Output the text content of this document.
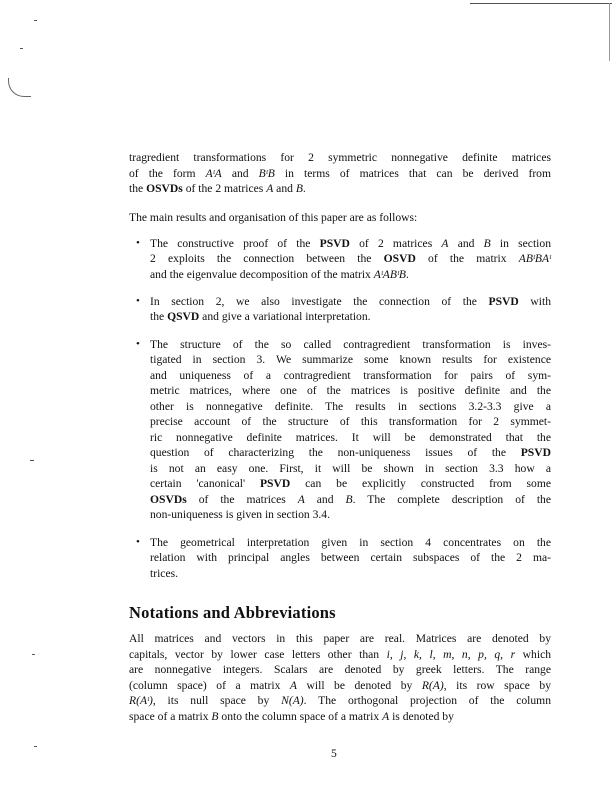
tragredient transformations for 2 symmetric nonnegative definite matrices
of the form AᵗA and BᵗB in terms of matrices that can be derived from
the OSVDs of the 2 matrices A and B.
The main results and organisation of this paper are as follows:
• The constructive proof of the PSVD of 2 matrices A and B in section
2 exploits the connection between the OSVD of the matrix ABᵗBAᵗ
and the eigenvalue decomposition of the matrix AᵗABᵗB.
• In section 2, we also investigate the connection of the PSVD with
the QSVD and give a variational interpretation.
• The structure of the so called contragredient transformation is inves-
tigated in section 3. We summarize some known results for existence
and uniqueness of a contragredient transformation for pairs of sym-
metric matrices, where one of the matrices is positive definite and the
other is nonnegative definite. The results in sections 3.2-3.3 give a
precise account of the structure of this transformation for 2 symmet-
ric nonnegative definite matrices. It will be demonstrated that the
question of characterizing the non-uniqueness issues of the PSVD
is not an easy one. First, it will be shown in section 3.3 how a
certain 'canonical' PSVD can be explicitly constructed from some
OSVDs of the matrices A and B. The complete description of the
non-uniqueness is given in section 3.4.
• The geometrical interpretation given in section 4 concentrates on the
relation with principal angles between certain subspaces of the 2 ma-
trices.
Notations and Abbreviations
All matrices and vectors in this paper are real. Matrices are denoted by
capitals, vector by lower case letters other than i, j, k, l, m, n, p, q, r which
are nonnegative integers. Scalars are denoted by greek letters. The range
(column space) of a matrix A will be denoted by R(A), its row space by
R(Aᵗ), its null space by N(A). The orthogonal projection of the column
space of a matrix B onto the column space of a matrix A is denoted by
5
